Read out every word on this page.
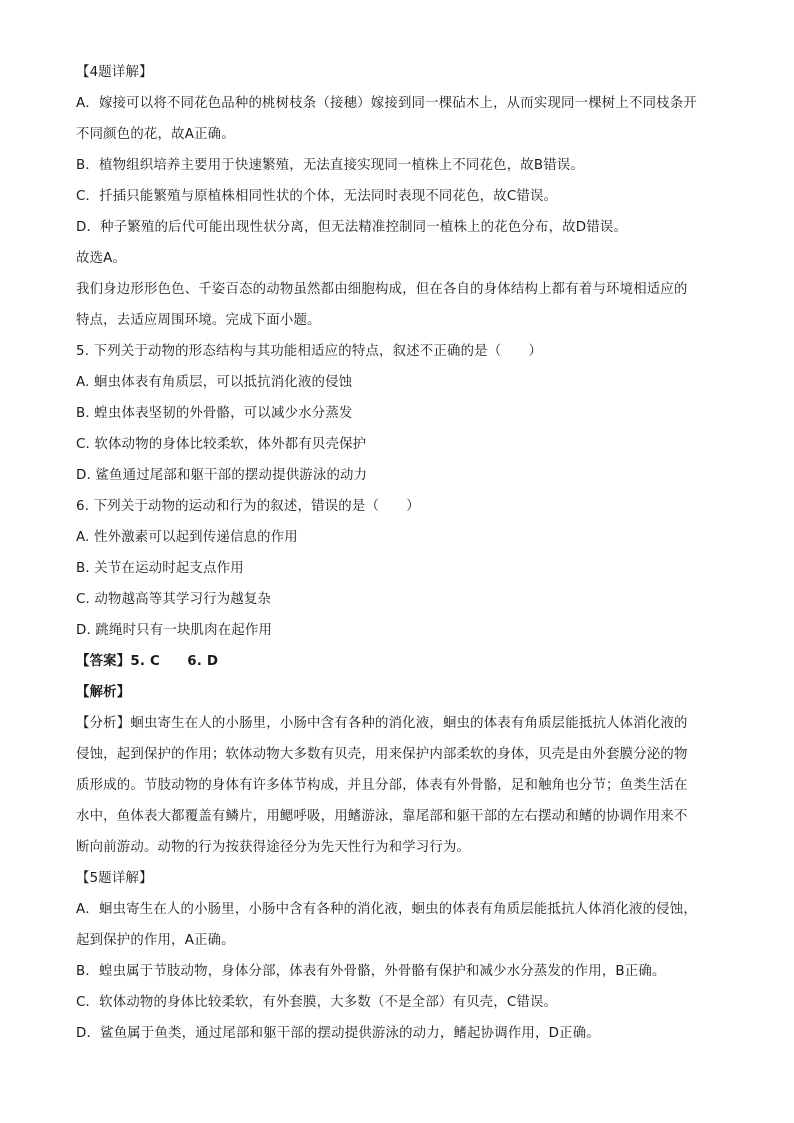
【4题详解】
A．嫁接可以将不同花色品种的桃树枝条（接穗）嫁接到同一棵砧木上，从而实现同一棵树上不同枝条开
不同颜色的花，故A正确。
B．植物组织培养主要用于快速繁殖，无法直接实现同一植株上不同花色，故B错误。
C．扦插只能繁殖与原植株相同性状的个体，无法同时表现不同花色，故C错误。
D．种子繁殖的后代可能出现性状分离，但无法精准控制同一植株上的花色分布，故D错误。
故选A。
我们身边形形色色、千姿百态的动物虽然都由细胞构成，但在各自的身体结构上都有着与环境相适应的
特点，去适应周围环境。完成下面小题。
5. 下列关于动物的形态结构与其功能相适应的特点，叙述不正确的是（　　）
A. 蛔虫体表有角质层，可以抵抗消化液的侵蚀
B. 蝗虫体表坚韧的外骨骼，可以减少水分蒸发
C. 软体动物的身体比较柔软，体外都有贝壳保护
D. 鲨鱼通过尾部和躯干部的摆动提供游泳的动力
6. 下列关于动物的运动和行为的叙述，错误的是（　　）
A. 性外激素可以起到传递信息的作用
B. 关节在运动时起支点作用
C. 动物越高等其学习行为越复杂
D. 跳绳时只有一块肌肉在起作用
【答案】5. C　　6. D
【解析】
【分析】蛔虫寄生在人的小肠里，小肠中含有各种的消化液，蛔虫的体表有角质层能抵抗人体消化液的
侵蚀，起到保护的作用；软体动物大多数有贝壳，用来保护内部柔软的身体，贝壳是由外套膜分泌的物
质形成的。节肢动物的身体有许多体节构成，并且分部，体表有外骨骼，足和触角也分节；鱼类生活在
水中，鱼体表大都覆盖有鳞片，用鳃呼吸，用鳍游泳，靠尾部和躯干部的左右摆动和鳍的协调作用来不
断向前游动。动物的行为按获得途径分为先天性行为和学习行为。
【5题详解】
A．蛔虫寄生在人的小肠里，小肠中含有各种的消化液，蛔虫的体表有角质层能抵抗人体消化液的侵蚀，
起到保护的作用，A正确。
B．蝗虫属于节肢动物，身体分部，体表有外骨骼，外骨骼有保护和减少水分蒸发的作用，B正确。
C．软体动物的身体比较柔软，有外套膜，大多数（不是全部）有贝壳，C错误。
D．鲨鱼属于鱼类，通过尾部和躯干部的摆动提供游泳的动力，鳍起协调作用，D正确。
